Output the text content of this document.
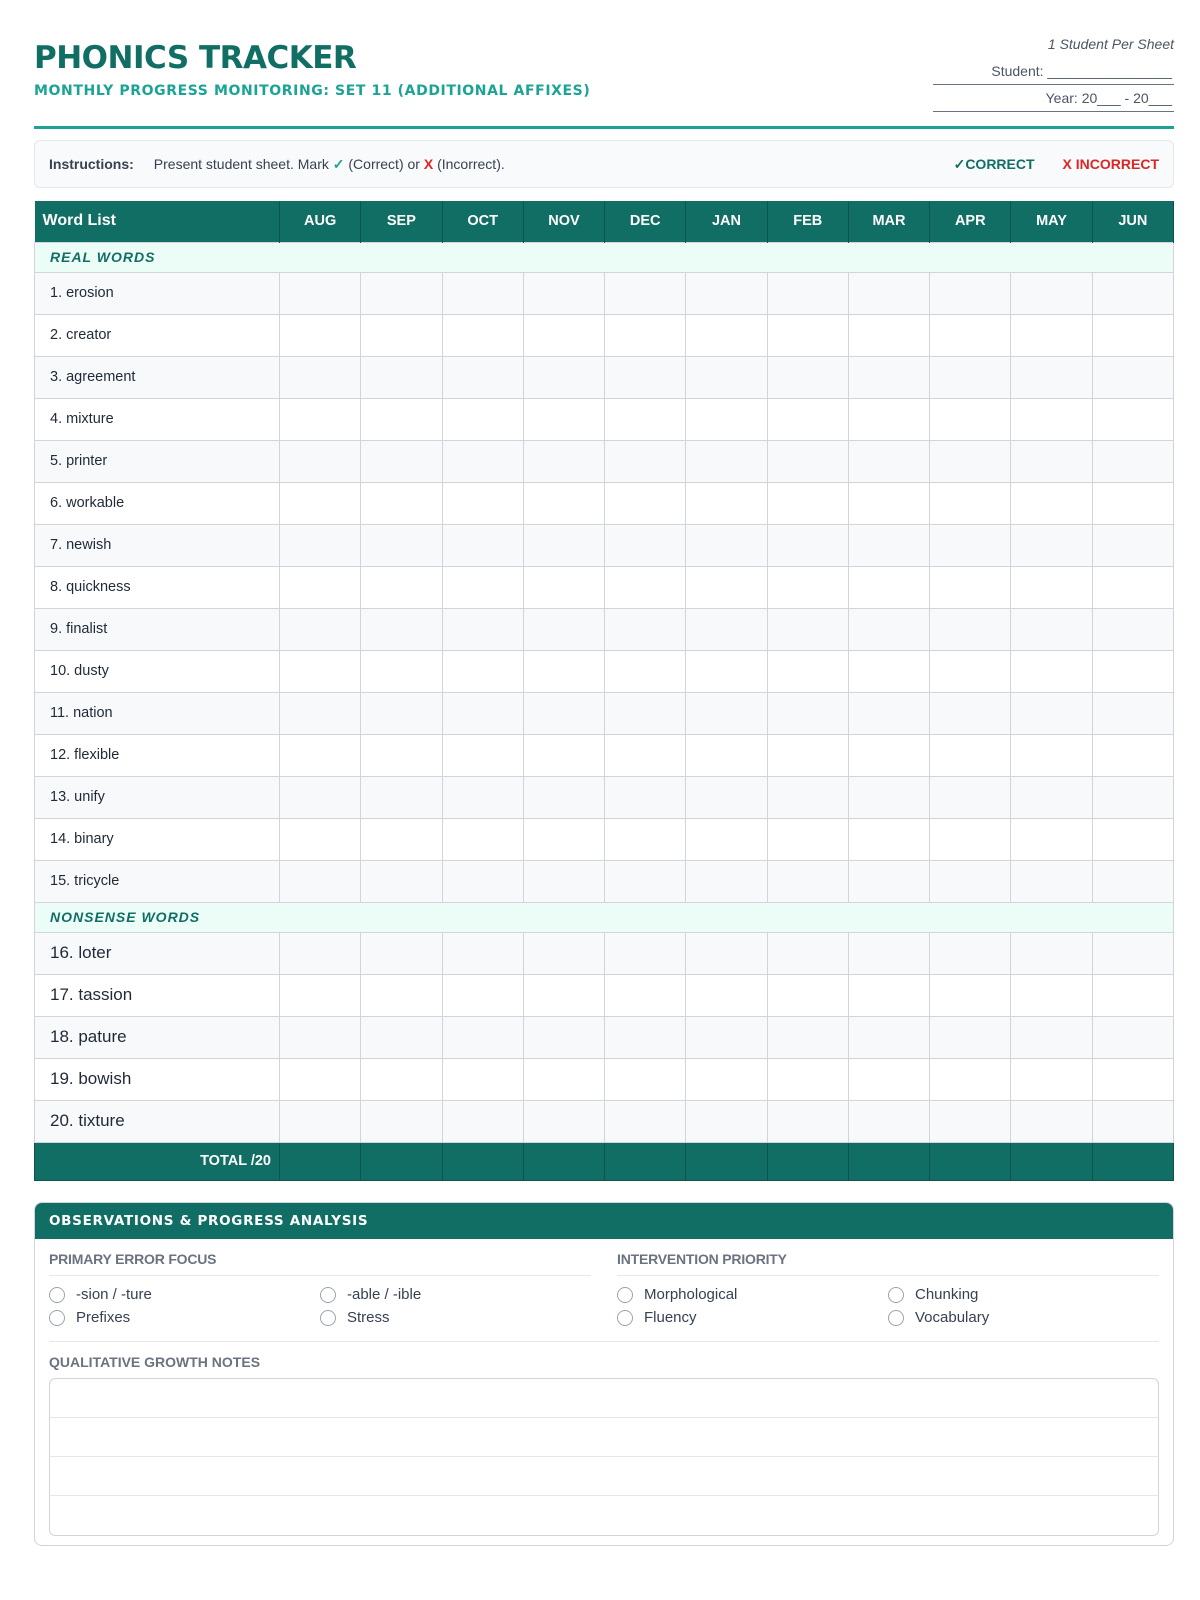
PHONICS TRACKER
MONTHLY PROGRESS MONITORING: SET 11 (ADDITIONAL AFFIXES)
1 Student Per Sheet
Student: ________________
Year: 20___ - 20___
Instructions: Present student sheet. Mark ✓ (Correct) or X (Incorrect).	✓CORRECT X INCORRECT
Word List	AUG	SEP	OCT	NOV	DEC	JAN	FEB	MAR	APR	MAY	JUN
REAL WORDS											
1. erosion											
2. creator											
3. agreement											
4. mixture											
5. printer											
6. workable											
7. newish											
8. quickness											
9. finalist											
10. dusty											
11. nation											
12. flexible											
13. unify											
14. binary											
15. tricycle											
NONSENSE WORDS											
16. loter											
17. tassion											
18. pature											
19. bowish											
20. tixture											
TOTAL /20											
OBSERVATIONS & PROGRESS ANALYSIS
PRIMARY ERROR FOCUS
-sion / -ture	-able / -ible
Prefixes	Stress
INTERVENTION PRIORITY
Morphological	Chunking
Fluency	Vocabulary
QUALITATIVE GROWTH NOTES
